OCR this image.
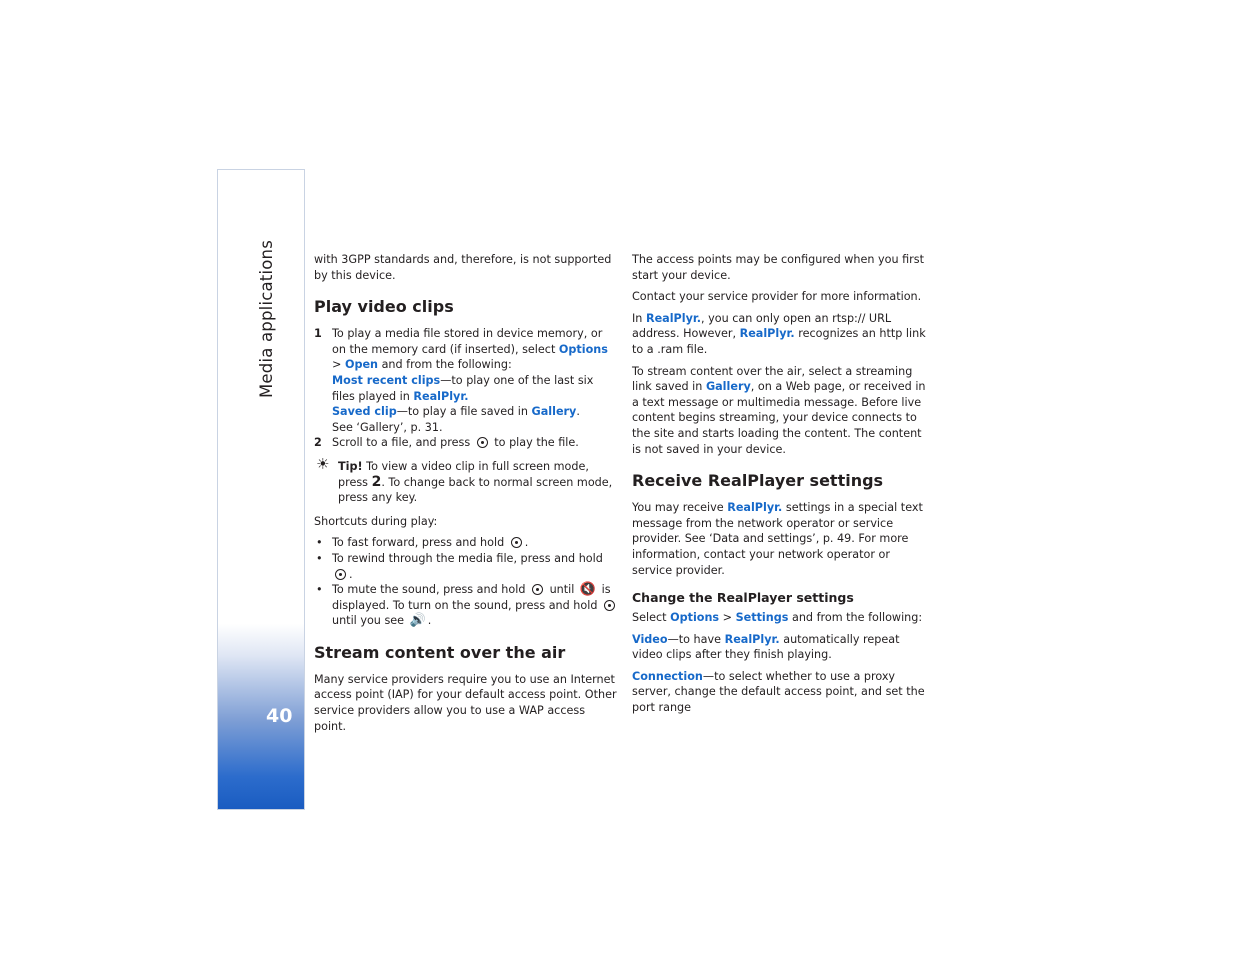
Media applications
40

with 3GPP standards and, therefore, is not supported by this device.

Play video clips
1 To play a media file stored in device memory, or on the memory card (if inserted), select Options > Open and from the following:
Most recent clips—to play one of the last six files played in RealPlyr.
Saved clip—to play a file saved in Gallery.
See ‘Gallery’, p. 31.
2 Scroll to a file, and press to play the file.
☀ Tip! To view a video clip in full screen mode, press 2. To change back to normal screen mode, press any key.

Shortcuts during play:

• To fast forward, press and hold .
• To rewind through the media file, press and hold .
• To mute the sound, press and hold until 🔇 is displayed. To turn on the sound, press and hold
until you see 🔊 .
Stream content over the air

Many service providers require you to use an Internet access point (IAP) for your default access point. Other service providers allow you to use a WAP access point.

The access points may be configured when you first start your device.

Contact your service provider for more information.

In RealPlyr., you can only open an rtsp:// URL address. However, RealPlyr. recognizes an http link to a .ram file.

To stream content over the air, select a streaming link saved in Gallery, on a Web page, or received in a text message or multimedia message. Before live content begins streaming, your device connects to the site and starts loading the content. The content is not saved in your device.

Receive RealPlayer settings

You may receive RealPlyr. settings in a special text message from the network operator or service provider. See ‘Data and settings’, p. 49. For more information, contact your network operator or service provider.

Change the RealPlayer settings

Select Options > Settings and from the following:

Video—to have RealPlyr. automatically repeat video clips after they finish playing.

Connection—to select whether to use a proxy server, change the default access point, and set the port range
